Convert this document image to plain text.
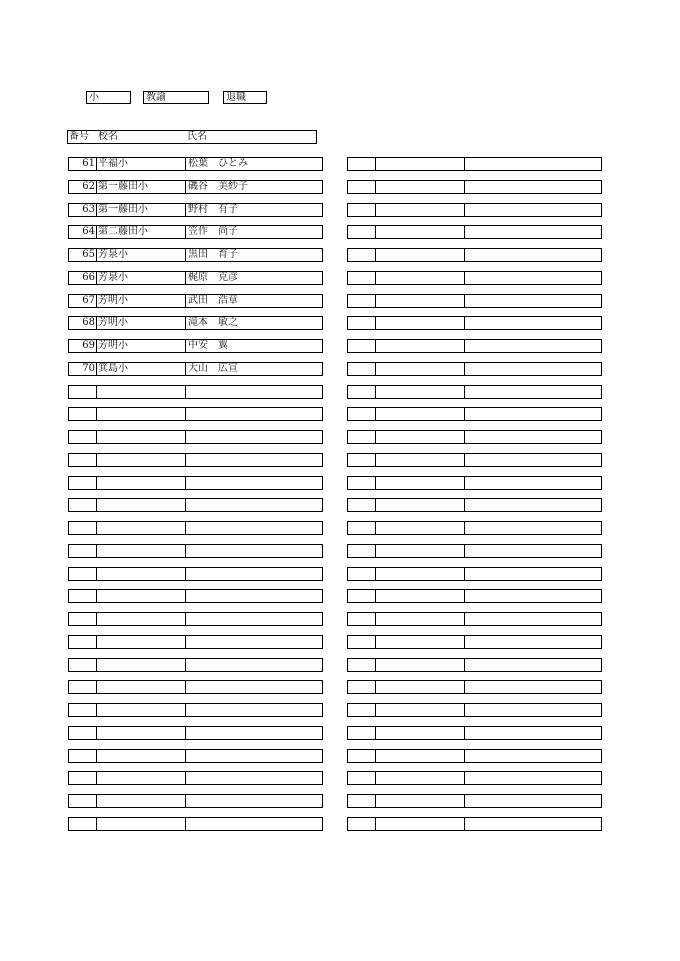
小	教諭	退職
番号 校名	氏名
61 平福小	松葉　ひとみ
62 第一藤田小	磯谷　美紗子
63 第一藤田小	野村　有子
64 第二藤田小	笠作　尚子
65 芳泉小	黒田　育子
66 芳泉小	梶原　克彦
67 芳明小	武田　浩章
68 芳明小	滝本　敏之
69 芳明小	中安　翼
70 箕島小	大山　広宣
